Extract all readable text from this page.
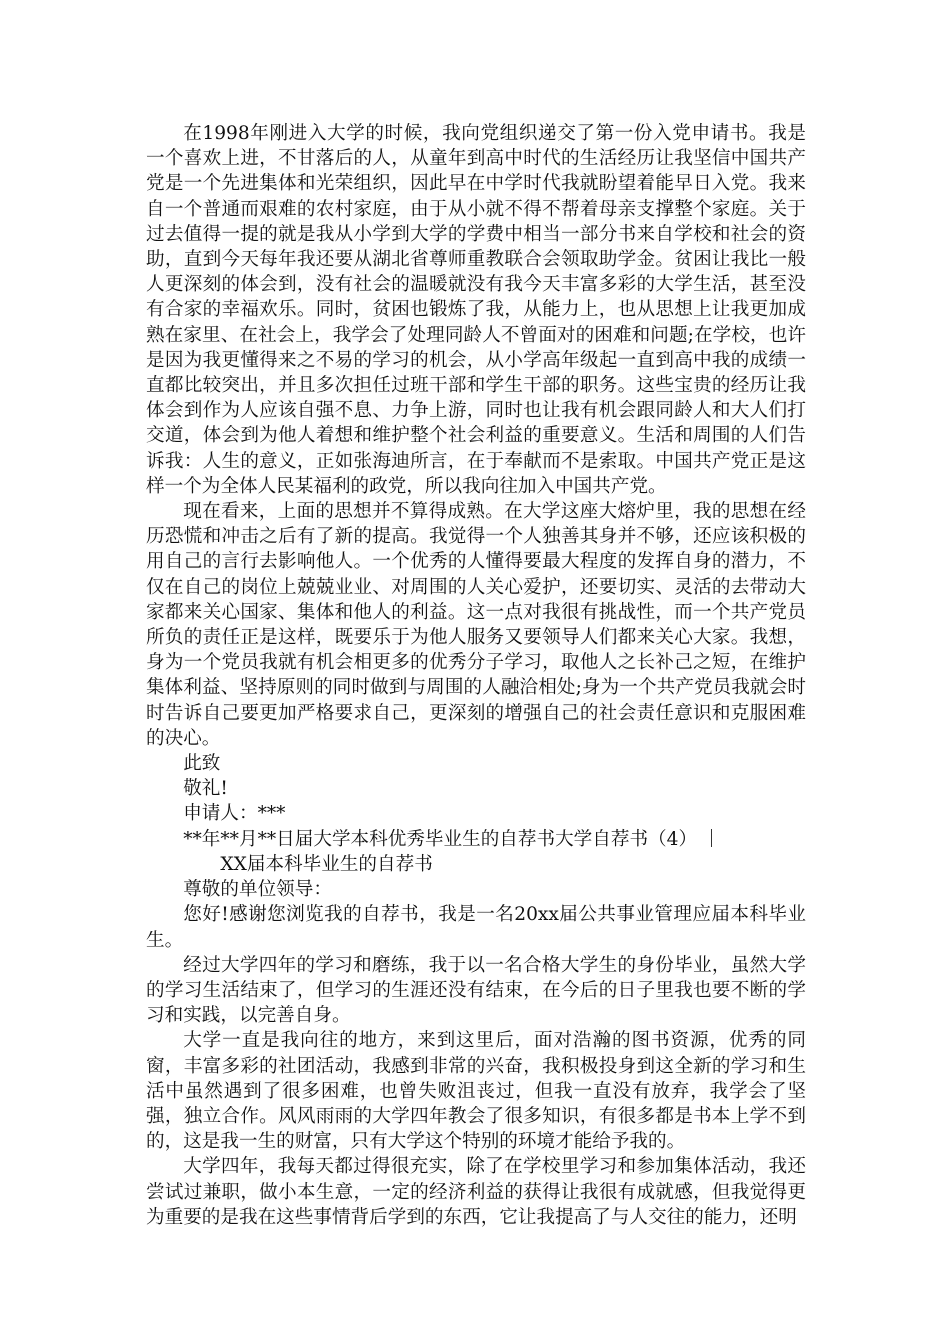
在1998年刚进入大学的时候，我向党组织递交了第一份入党申请书。我是一个喜欢上进，不甘落后的人，从童年到高中时代的生活经历让我坚信中国共产党是一个先进集体和光荣组织，因此早在中学时代我就盼望着能早日入党。我来自一个普通而艰难的农村家庭，由于从小就不得不帮着母亲支撑整个家庭。关于过去值得一提的就是我从小学到大学的学费中相当一部分书来自学校和社会的资助，直到今天每年我还要从湖北省尊师重教联合会领取助学金。贫困让我比一般人更深刻的体会到，没有社会的温暖就没有我今天丰富多彩的大学生活，甚至没有合家的幸福欢乐。同时，贫困也锻炼了我，从能力上，也从思想上让我更加成熟在家里、在社会上，我学会了处理同龄人不曾面对的困难和问题;在学校，也许是因为我更懂得来之不易的学习的机会，从小学高年级起一直到高中我的成绩一直都比较突出，并且多次担任过班干部和学生干部的职务。这些宝贵的经历让我体会到作为人应该自强不息、力争上游，同时也让我有机会跟同龄人和大人们打交道，体会到为他人着想和维护整个社会利益的重要意义。生活和周围的人们告诉我：人生的意义，正如张海迪所言，在于奉献而不是索取。中国共产党正是这样一个为全体人民某福利的政党，所以我向往加入中国共产党。

现在看来，上面的思想并不算得成熟。在大学这座大熔炉里，我的思想在经历恐慌和冲击之后有了新的提高。我觉得一个人独善其身并不够，还应该积极的用自己的言行去影响他人。一个优秀的人懂得要最大程度的发挥自身的潜力，不仅在自己的岗位上兢兢业业、对周围的人关心爱护，还要切实、灵活的去带动大家都来关心国家、集体和他人的利益。这一点对我很有挑战性，而一个共产党员所负的责任正是这样，既要乐于为他人服务又要领导人们都来关心大家。我想，身为一个党员我就有机会相更多的优秀分子学习，取他人之长补己之短，在维护集体利益、坚持原则的同时做到与周围的人融洽相处;身为一个共产党员我就会时时告诉自己要更加严格要求自己，更深刻的增强自己的社会责任意识和克服困难的决心。

此致

敬礼!

申请人：***

**年**月**日届大学本科优秀毕业生的自荐书大学自荐书（4）

XX届本科毕业生的自荐书

尊敬的单位领导：

您好!感谢您浏览我的自荐书，我是一名20xx届公共事业管理应届本科毕业生。

经过大学四年的学习和磨练，我于以一名合格大学生的身份毕业，虽然大学的学习生活结束了，但学习的生涯还没有结束，在今后的日子里我也要不断的学习和实践，以完善自身。

大学一直是我向往的地方，来到这里后，面对浩瀚的图书资源，优秀的同窗，丰富多彩的社团活动，我感到非常的兴奋，我积极投身到这全新的学习和生活中虽然遇到了很多困难，也曾失败沮丧过，但我一直没有放弃，我学会了坚强，独立合作。风风雨雨的大学四年教会了很多知识，有很多都是书本上学不到的，这是我一生的财富，只有大学这个特别的环境才能给予我的。

大学四年，我每天都过得很充实，除了在学校里学习和参加集体活动，我还尝试过兼职，做小本生意，一定的经济利益的获得让我很有成就感，但我觉得更为重要的是我在这些事情背后学到的东西，它让我提高了与人交往的能力，还明
